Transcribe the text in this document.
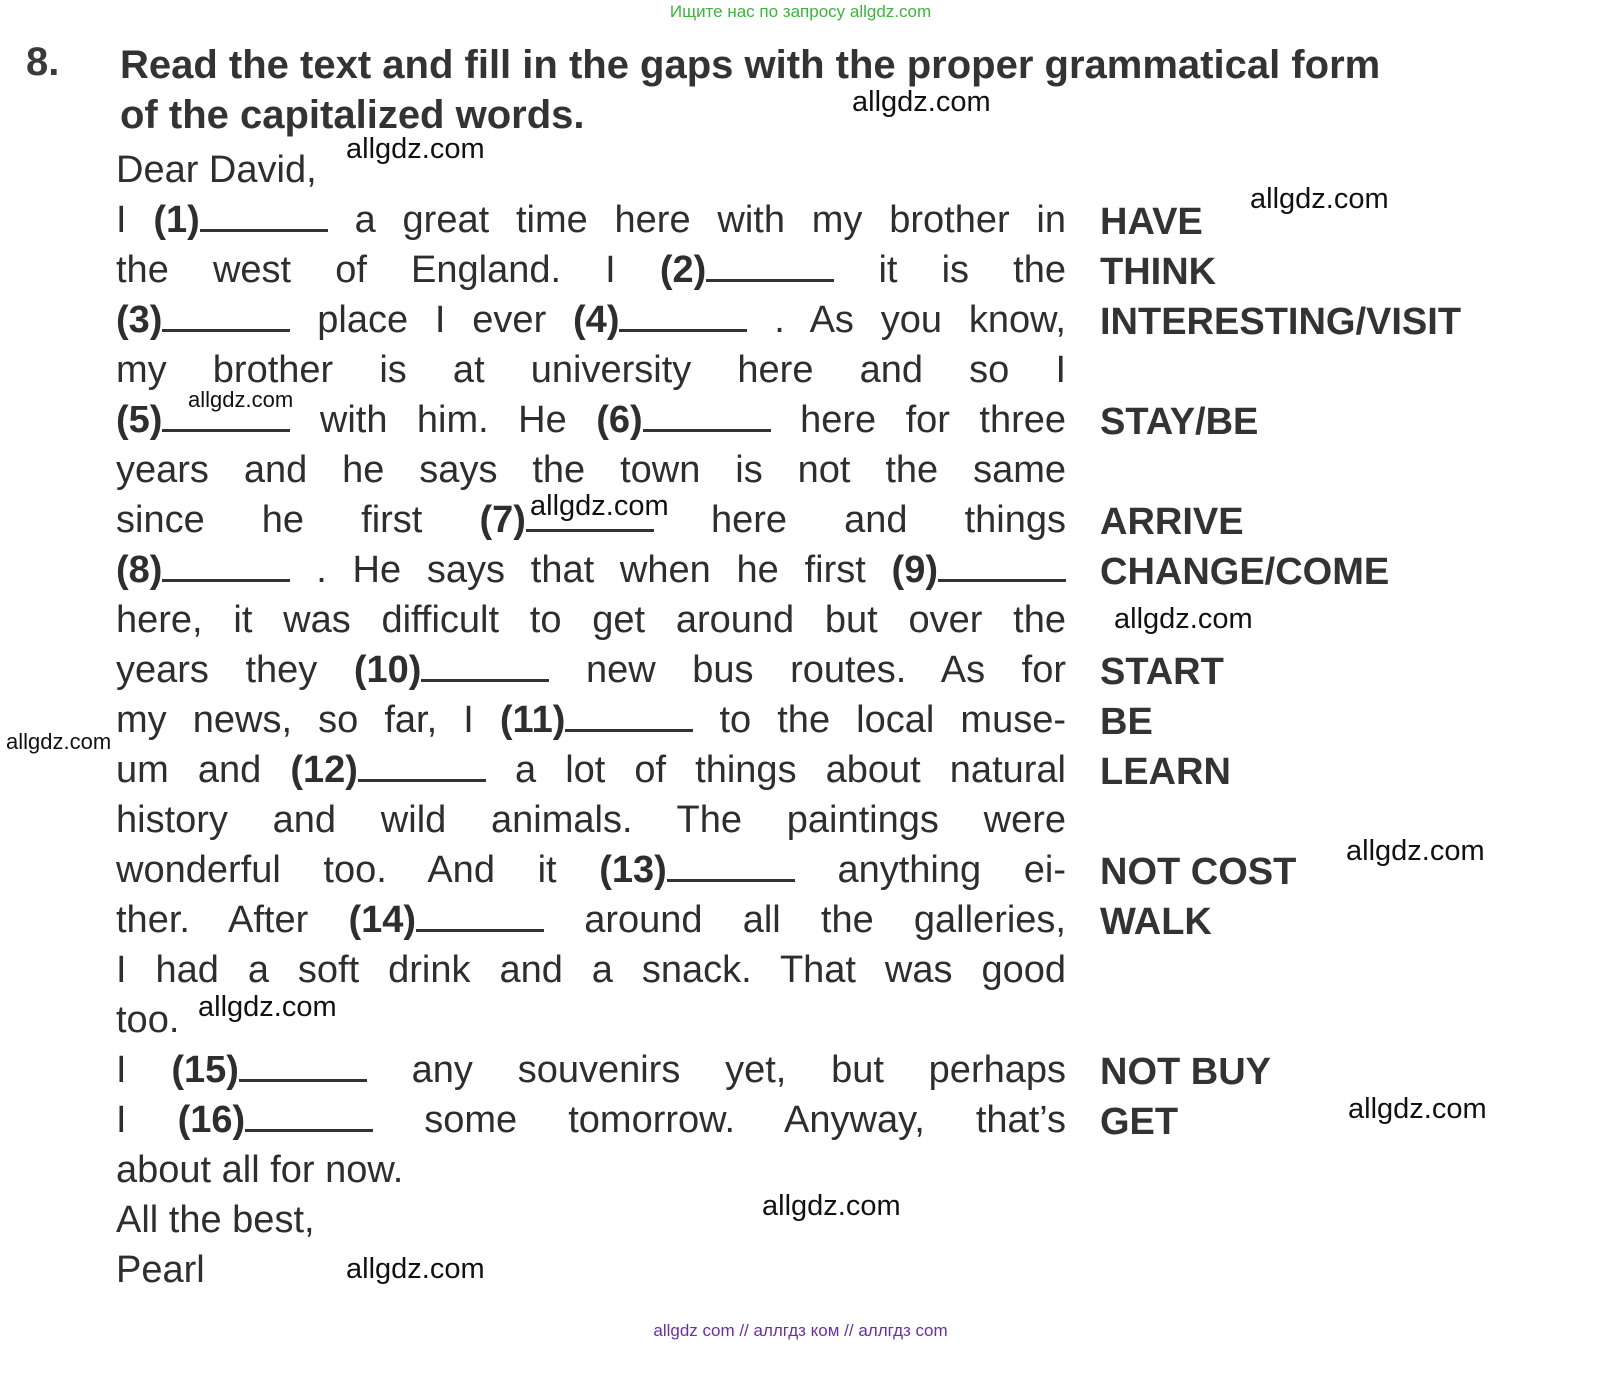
Ищите нас по запросу allgdz.com
8. Read the text and fill in the gaps with the proper grammatical form
of the capitalized words.
Dear David,
I (1)	a great time here with my brother in
the west of England. I (2)	it is the
(3)	place I ever (4)	. As you know,
my brother is at university here and so I
(5)	with him. He (6)	here for three
years and he says the town is not the same
since he first (7)	here and things
(8)	. He says that when he first (9)
here, it was difficult to get around but over the
years they (10)	new bus routes. As for
my news, so far, I (11)	to the local muse-
um and (12)	a lot of things about natural
history and wild animals. The paintings were
wonderful too. And it (13)	anything ei-
ther. After (14)	around all the galleries,
I had a soft drink and a snack. That was good
too.
I (15)	any souvenirs yet, but perhaps
I (16)	some tomorrow. Anyway, that’s
about all for now.
All the best,
Pearl
HAVE
THINK
INTERESTING/VISIT
STAY/BE
ARRIVE
CHANGE/COME
START
BE
LEARN
NOT COST
WALK
NOT BUY
GET
allgdz.com
allgdz.com
allgdz.com
allgdz.com
allgdz.com
allgdz.com
allgdz.com
allgdz.com
allgdz.com
allgdz.com
allgdz.com
allgdz.com
allgdz com // аллгдз ком // аллгдз com
